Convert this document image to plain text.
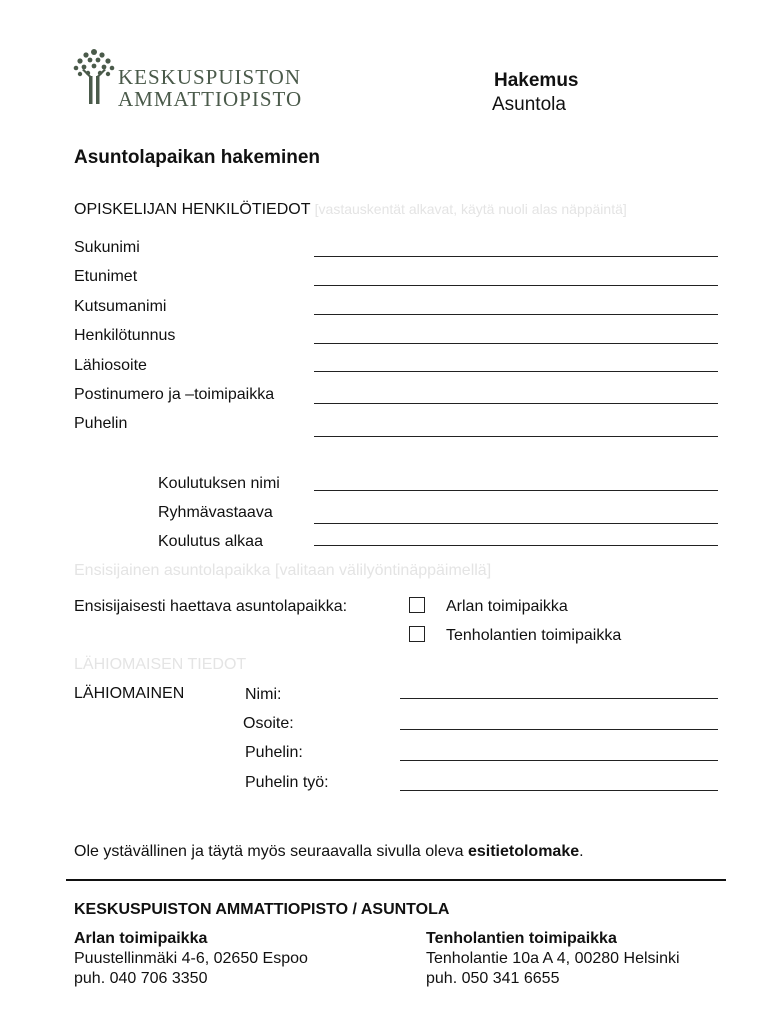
KESKUSPUISTON
AMMATTIOPISTO
Hakemus
Asuntola
Asuntolapaikan hakeminen
OPISKELIJAN HENKILÖTIEDOT [vastauskentät alkavat, käytä nuoli alas näppäintä]
Sukunimi
Etunimet
Kutsumanimi
Henkilötunnus
Lähiosoite
Postinumero ja –toimipaikka
Puhelin
Koulutuksen nimi
Ryhmävastaava
Koulutus alkaa
Ensisijainen asuntolapaikka [valitaan välilyöntinäppäimellä]
Ensisijaisesti haettava asuntolapaikka:	Arlan toimipaikka
Tenholantien toimipaikka
LÄHIOMAISEN TIEDOT
LÄHIOMAINEN	Nimi:
Osoite:
Puhelin:
Puhelin työ:
Ole ystävällinen ja täytä myös seuraavalla sivulla oleva esitietolomake.
KESKUSPUISTON AMMATTIOPISTO / ASUNTOLA
Arlan toimipaikka
Puustellinmäki 4-6, 02650 Espoo
puh. 040 706 3350
Tenholantien toimipaikka
Tenholantie 10a A 4, 00280 Helsinki
puh. 050 341 6655
